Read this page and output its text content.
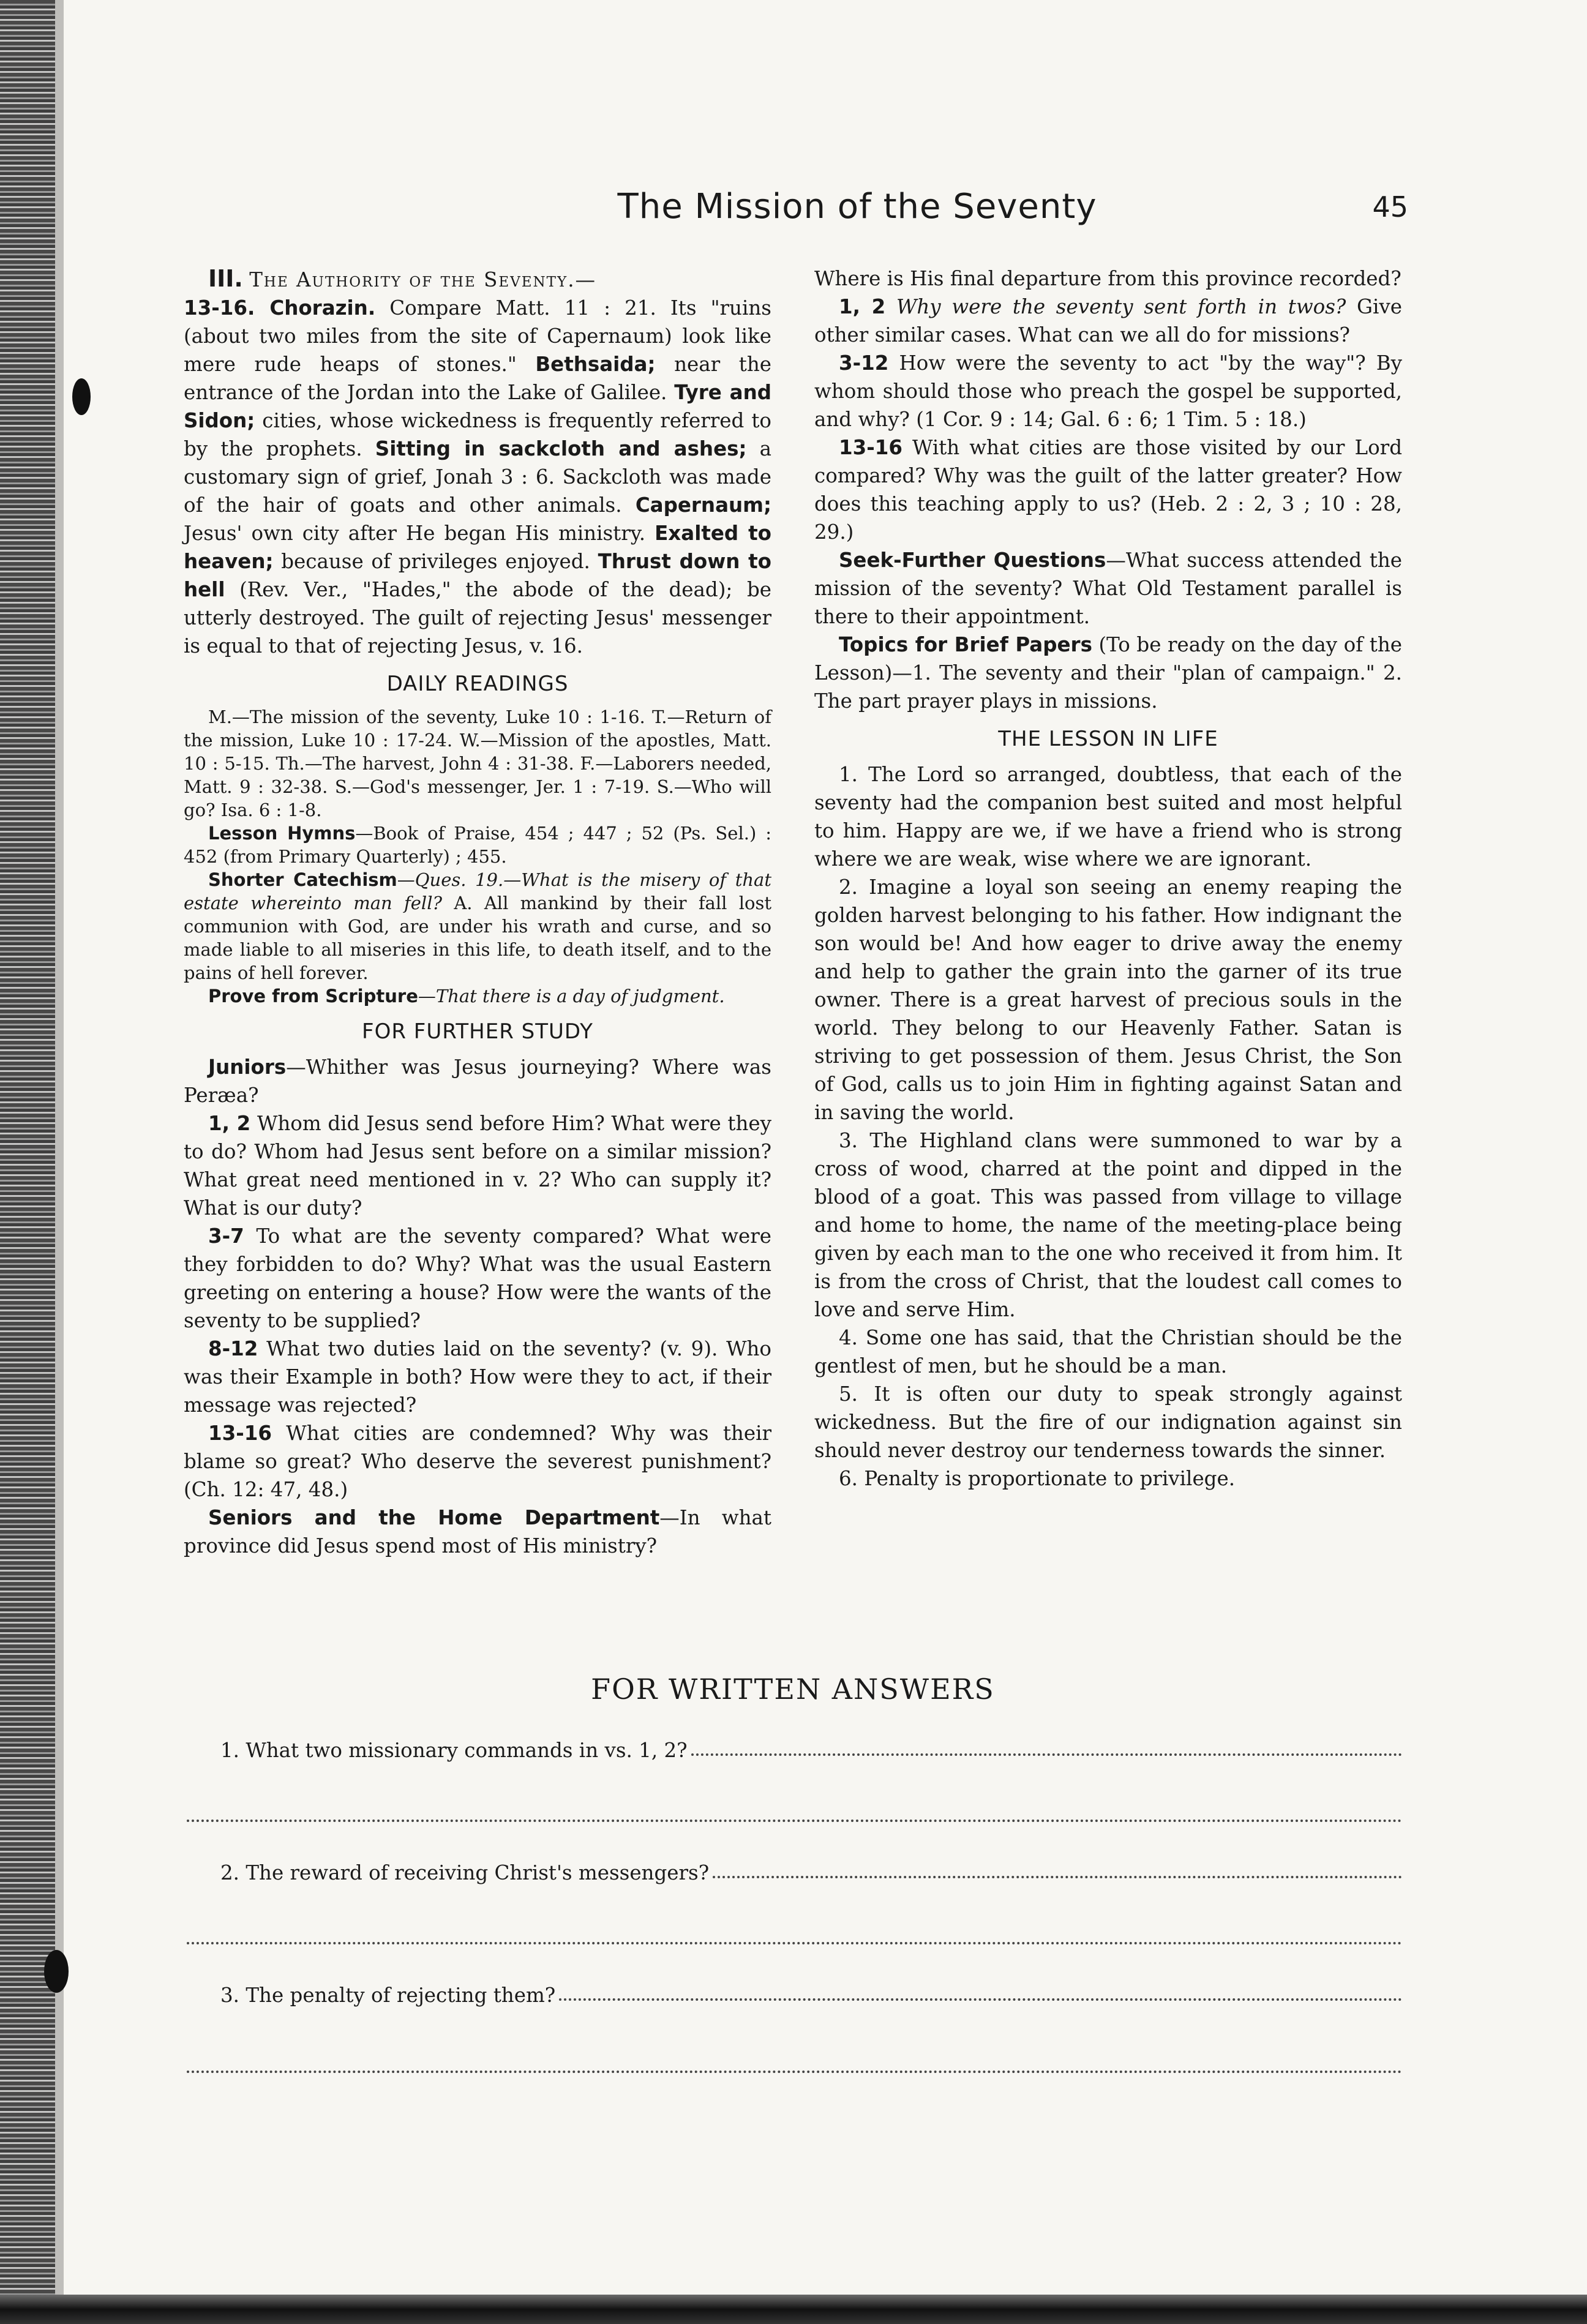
The Mission of the Seventy	45

III. The Authority of the Seventy.—

13-16. Chorazin. Compare Matt. 11 : 21. Its "ruins (about two miles from the site of Capernaum) look like mere rude heaps of stones." Bethsaida; near the entrance of the Jordan into the Lake of Galilee. Tyre and Sidon; cities, whose wickedness is frequently referred to by the prophets. Sitting in sackcloth and ashes; a customary sign of grief, Jonah 3 : 6. Sackcloth was made of the hair of goats and other animals. Capernaum; Jesus' own city after He began His ministry. Exalted to heaven; because of privileges enjoyed. Thrust down to hell (Rev. Ver., "Hades," the abode of the dead); be utterly destroyed. The guilt of rejecting Jesus' messenger is equal to that of rejecting Jesus, v. 16.

DAILY READINGS

M.—The mission of the seventy, Luke 10 : 1-16. T.—Return of the mission, Luke 10 : 17-24. W.—Mission of the apostles, Matt. 10 : 5-15. Th.—The harvest, John 4 : 31-38. F.—Laborers needed, Matt. 9 : 32-38. S.—God's messenger, Jer. 1 : 7-19. S.—Who will go? Isa. 6 : 1-8.

Lesson Hymns—Book of Praise, 454 ; 447 ; 52 (Ps. Sel.) : 452 (from Primary Quarterly) ; 455.

Shorter Catechism—Ques. 19.—What is the misery of that estate whereinto man fell? A. All mankind by their fall lost communion with God, are under his wrath and curse, and so made liable to all miseries in this life, to death itself, and to the pains of hell forever.

Prove from Scripture—That there is a day of judgment.

FOR FURTHER STUDY

Juniors—Whither was Jesus journeying? Where was Peræa?

1, 2 Whom did Jesus send before Him? What were they to do? Whom had Jesus sent before on a similar mission? What great need mentioned in v. 2? Who can supply it? What is our duty?

3-7 To what are the seventy compared? What were they forbidden to do? Why? What was the usual Eastern greeting on entering a house? How were the wants of the seventy to be supplied?

8-12 What two duties laid on the seventy? (v. 9). Who was their Example in both? How were they to act, if their message was rejected?

13-16 What cities are condemned? Why was their blame so great? Who deserve the severest punishment? (Ch. 12: 47, 48.)

Seniors and the Home Department—In what province did Jesus spend most of His ministry?

Where is His final departure from this province recorded?

1, 2 Why were the seventy sent forth in twos? Give other similar cases. What can we all do for missions?

3-12 How were the seventy to act "by the way"? By whom should those who preach the gospel be supported, and why? (1 Cor. 9 : 14; Gal. 6 : 6; 1 Tim. 5 : 18.)

13-16 With what cities are those visited by our Lord compared? Why was the guilt of the latter greater? How does this teaching apply to us? (Heb. 2 : 2, 3 ; 10 : 28, 29.)

Seek-Further Questions—What success attended the mission of the seventy? What Old Testament parallel is there to their appointment.

Topics for Brief Papers (To be ready on the day of the Lesson)—1. The seventy and their "plan of campaign." 2. The part prayer plays in missions.

THE LESSON IN LIFE

1. The Lord so arranged, doubtless, that each of the seventy had the companion best suited and most helpful to him. Happy are we, if we have a friend who is strong where we are weak, wise where we are ignorant.

2. Imagine a loyal son seeing an enemy reaping the golden harvest belonging to his father. How indignant the son would be! And how eager to drive away the enemy and help to gather the grain into the garner of its true owner. There is a great harvest of precious souls in the world. They belong to our Heavenly Father. Satan is striving to get possession of them. Jesus Christ, the Son of God, calls us to join Him in fighting against Satan and in saving the world.

3. The Highland clans were summoned to war by a cross of wood, charred at the point and dipped in the blood of a goat. This was passed from village to village and home to home, the name of the meeting-place being given by each man to the one who received it from him. It is from the cross of Christ, that the loudest call comes to love and serve Him.

4. Some one has said, that the Christian should be the gentlest of men, but he should be a man.

5. It is often our duty to speak strongly against wickedness. But the fire of our indignation against sin should never destroy our tenderness towards the sinner.

6. Penalty is proportionate to privilege.

FOR WRITTEN ANSWERS
1. What two missionary commands in vs. 1, 2?
2. The reward of receiving Christ's messengers?
3. The penalty of rejecting them?
